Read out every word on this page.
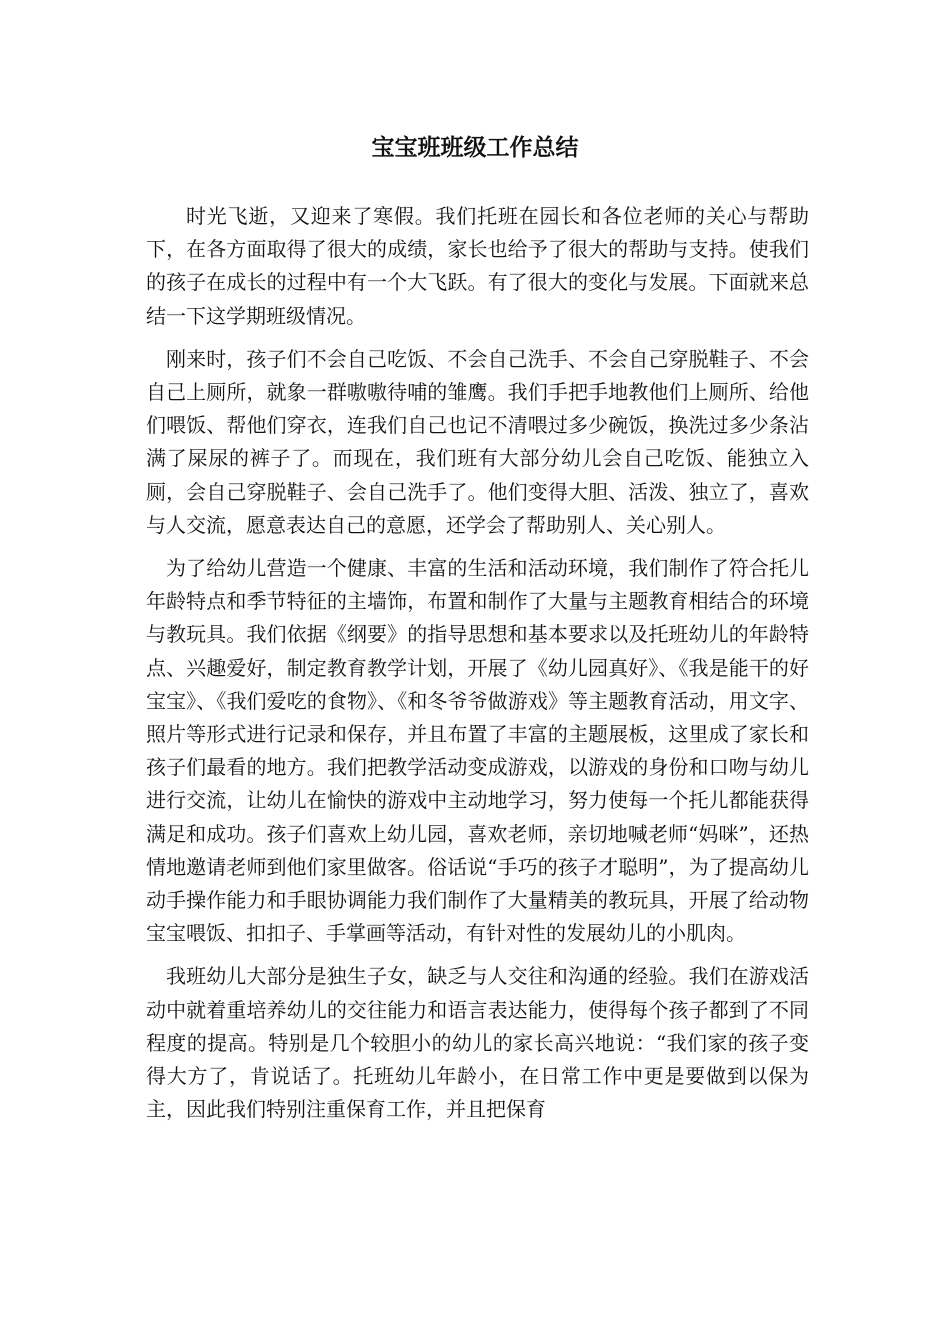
宝宝班班级工作总结

时光飞逝，又迎来了寒假。我们托班在园长和各位老师的关心与帮助下，在各方面取得了很大的成绩，家长也给予了很大的帮助与支持。使我们的孩子在成长的过程中有一个大飞跃。有了很大的变化与发展。下面就来总结一下这学期班级情况。

刚来时，孩子们不会自己吃饭、不会自己洗手、不会自己穿脱鞋子、不会自己上厕所，就象一群嗷嗷待哺的雏鹰。我们手把手地教他们上厕所、给他们喂饭、帮他们穿衣，连我们自己也记不清喂过多少碗饭，换洗过多少条沾满了屎尿的裤子了。而现在，我们班有大部分幼儿会自己吃饭、能独立入厕，会自己穿脱鞋子、会自己洗手了。他们变得大胆、活泼、独立了，喜欢与人交流，愿意表达自己的意愿，还学会了帮助别人、关心别人。

为了给幼儿营造一个健康、丰富的生活和活动环境，我们制作了符合托儿年龄特点和季节特征的主墙饰，布置和制作了大量与主题教育相结合的环境与教玩具。我们依据《纲要》的指导思想和基本要求以及托班幼儿的年龄特点、兴趣爱好，制定教育教学计划，开展了《幼儿园真好》、《我是能干的好宝宝》、《我们爱吃的食物》、《和冬爷爷做游戏》等主题教育活动，用文字、照片等形式进行记录和保存，并且布置了丰富的主题展板，这里成了家长和孩子们最看的地方。我们把教学活动变成游戏，以游戏的身份和口吻与幼儿进行交流，让幼儿在愉快的游戏中主动地学习，努力使每一个托儿都能获得满足和成功。孩子们喜欢上幼儿园，喜欢老师，亲切地喊老师“妈咪”，还热情地邀请老师到他们家里做客。俗话说“手巧的孩子才聪明”，为了提高幼儿动手操作能力和手眼协调能力我们制作了大量精美的教玩具，开展了给动物宝宝喂饭、扣扣子、手掌画等活动，有针对性的发展幼儿的小肌肉。

我班幼儿大部分是独生子女，缺乏与人交往和沟通的经验。我们在游戏活动中就着重培养幼儿的交往能力和语言表达能力，使得每个孩子都到了不同程度的提高。特别是几个较胆小的幼儿的家长高兴地说：“我们家的孩子变得大方了，肯说话了。托班幼儿年龄小，在日常工作中更是要做到以保为主，因此我们特别注重保育工作，并且把保育
